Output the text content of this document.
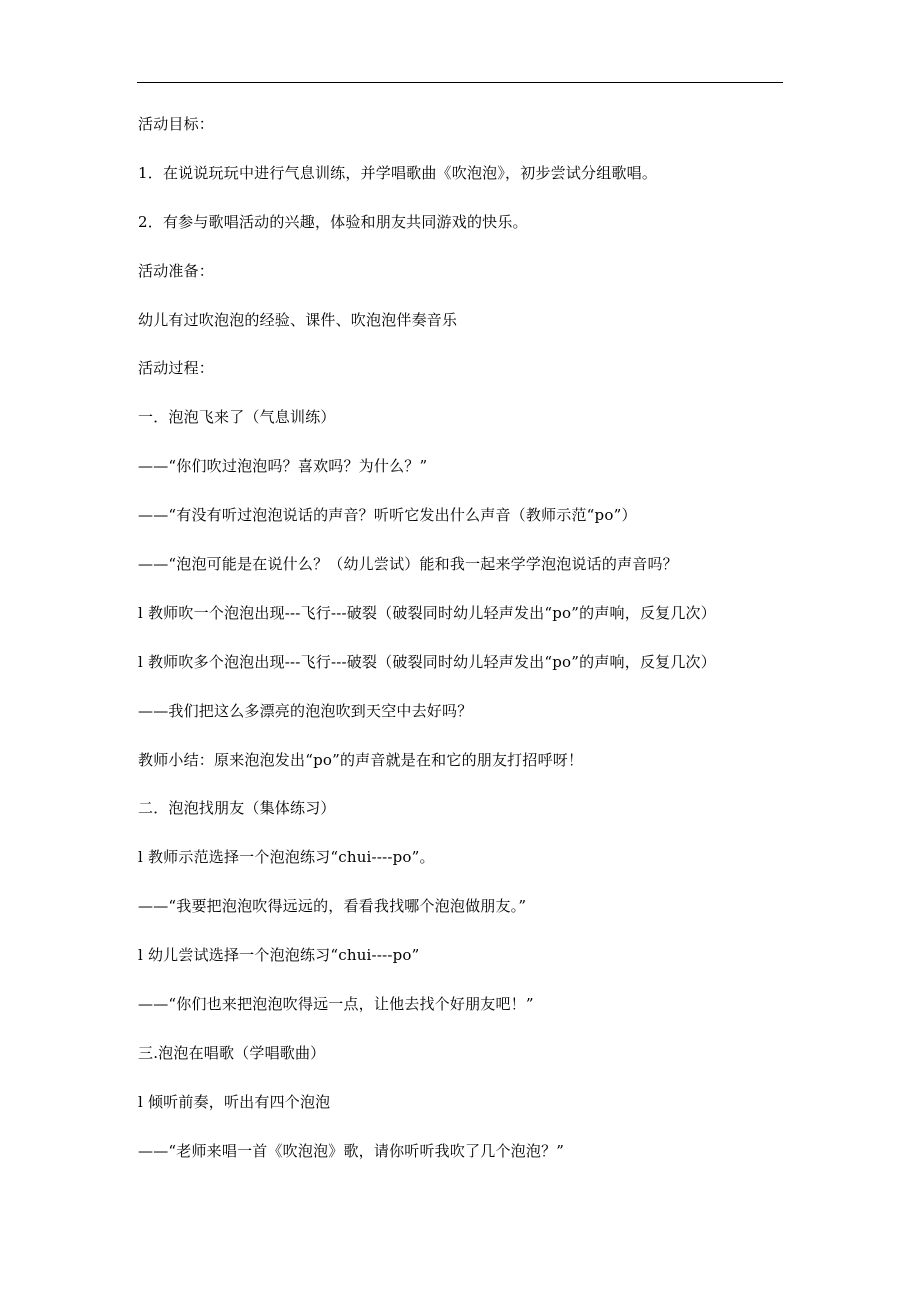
活动目标：
1．在说说玩玩中进行气息训练，并学唱歌曲《吹泡泡》，初步尝试分组歌唱。
2．有参与歌唱活动的兴趣，体验和朋友共同游戏的快乐。
活动准备：
幼儿有过吹泡泡的经验、课件、吹泡泡伴奏音乐
活动过程：
一．泡泡飞来了（气息训练）
——“你们吹过泡泡吗？喜欢吗？为什么？”
——“有没有听过泡泡说话的声音？听听它发出什么声音（教师示范“po”）
——“泡泡可能是在说什么？（幼儿尝试）能和我一起来学学泡泡说话的声音吗？
l 教师吹一个泡泡出现---飞行---破裂（破裂同时幼儿轻声发出“po”的声响，反复几次）
l 教师吹多个泡泡出现---飞行---破裂（破裂同时幼儿轻声发出“po”的声响，反复几次）
——我们把这么多漂亮的泡泡吹到天空中去好吗？
教师小结：原来泡泡发出“po”的声音就是在和它的朋友打招呼呀！
二．泡泡找朋友（集体练习）
l 教师示范选择一个泡泡练习“chui----po”。
——“我要把泡泡吹得远远的，看看我找哪个泡泡做朋友。”
l 幼儿尝试选择一个泡泡练习“chui----po”
——“你们也来把泡泡吹得远一点，让他去找个好朋友吧！”
三.泡泡在唱歌（学唱歌曲）
l 倾听前奏，听出有四个泡泡
——“老师来唱一首《吹泡泡》歌，请你听听我吹了几个泡泡？”
